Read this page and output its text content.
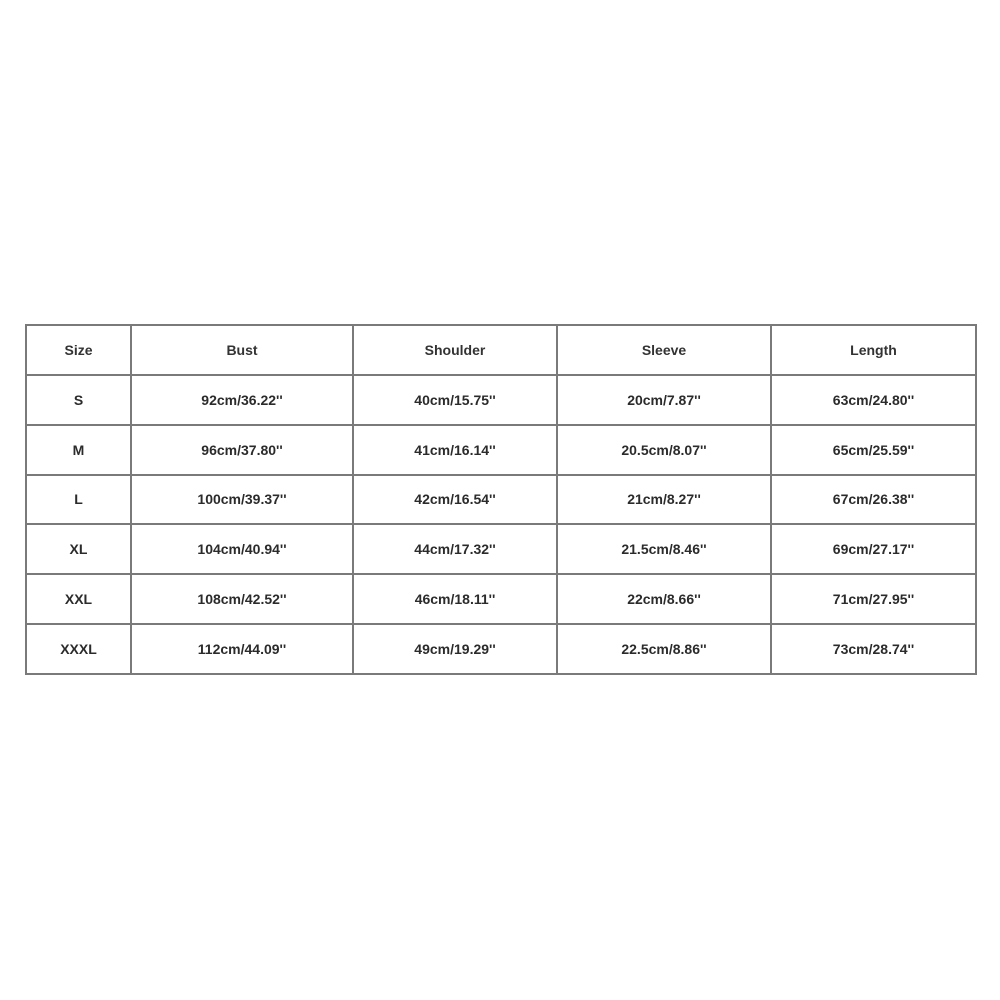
Size	Bust	Shoulder	Sleeve	Length
S	92cm/36.22''	40cm/15.75''	20cm/7.87''	63cm/24.80''
M	96cm/37.80''	41cm/16.14''	20.5cm/8.07''	65cm/25.59''
L	100cm/39.37''	42cm/16.54''	21cm/8.27''	67cm/26.38''
XL	104cm/40.94''	44cm/17.32''	21.5cm/8.46''	69cm/27.17''
XXL	108cm/42.52''	46cm/18.11''	22cm/8.66''	71cm/27.95''
XXXL	112cm/44.09''	49cm/19.29''	22.5cm/8.86''	73cm/28.74''
